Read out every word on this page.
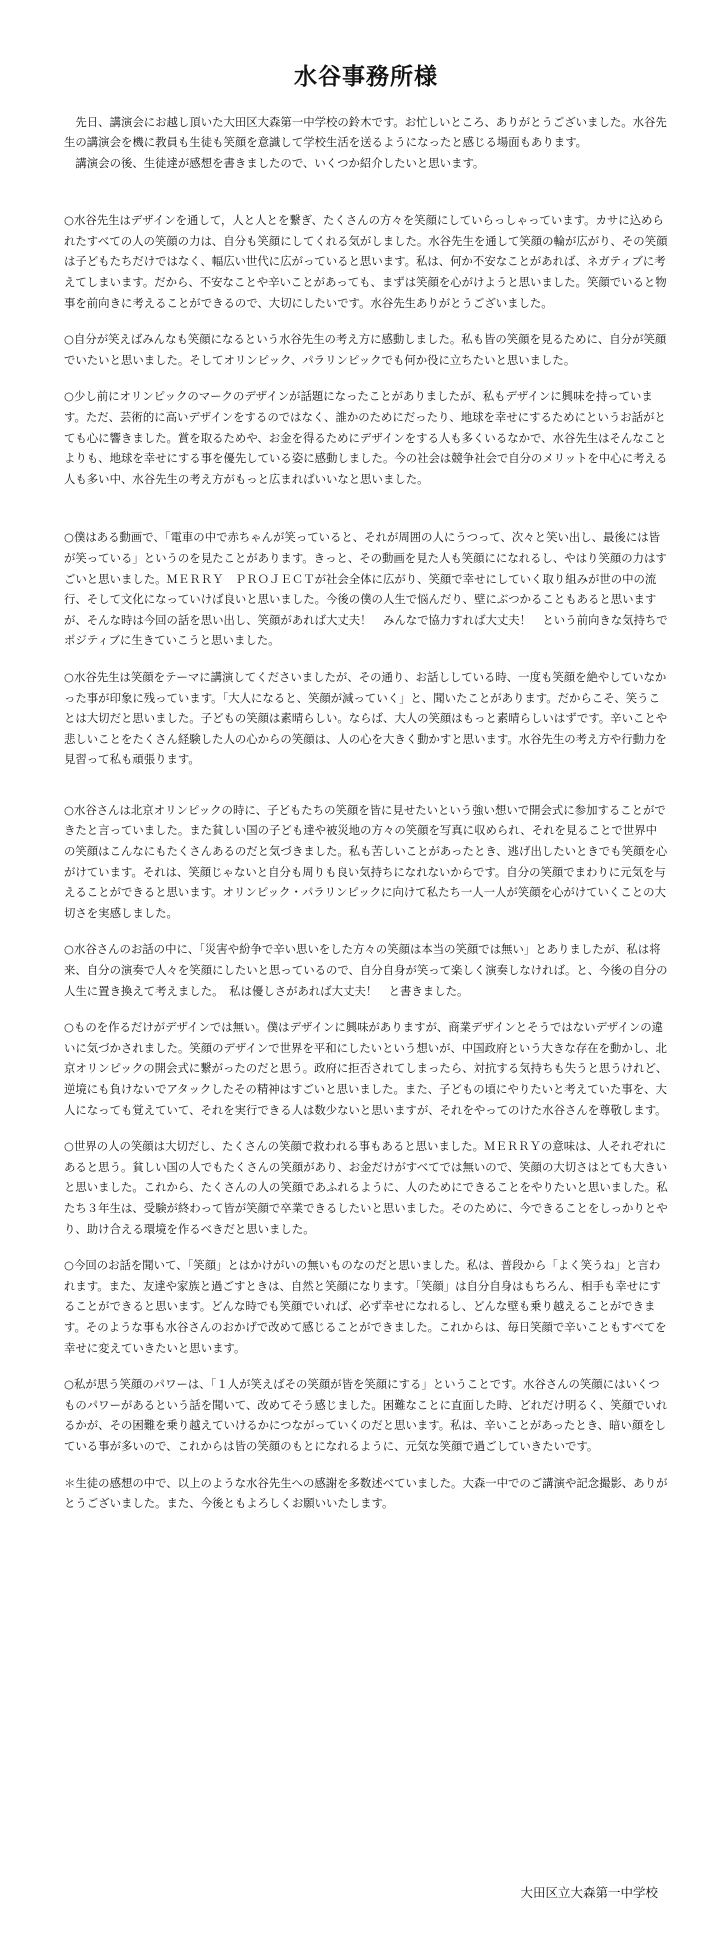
水谷事務所様

先日、講演会にお越し頂いた大田区大森第一中学校の鈴木です。お忙しいところ、ありがとうございました。水谷先生の講演会を機に教員も生徒も笑顔を意識して学校生活を送るようになったと感じる場面もあります。

講演会の後、生徒達が感想を書きましたので、いくつか紹介したいと思います。

○水谷先生はデザインを通して，人と人とを繋ぎ、たくさんの方々を笑顔にしていらっしゃっています。カサに込められたすべての人の笑顔の力は、自分も笑顔にしてくれる気がしました。水谷先生を通して笑顔の輪が広がり、その笑顔は子どもたちだけではなく、幅広い世代に広がっていると思います。私は、何か不安なことがあれば、ネガティブに考えてしまいます。だから、不安なことや辛いことがあっても、まずは笑顔を心がけようと思いました。笑顔でいると物事を前向きに考えることができるので、大切にしたいです。水谷先生ありがとうございました。

○自分が笑えばみんなも笑顔になるという水谷先生の考え方に感動しました。私も皆の笑顔を見るために、自分が笑顔でいたいと思いました。そしてオリンピック、パラリンピックでも何か役に立ちたいと思いました。

○少し前にオリンピックのマークのデザインが話題になったことがありましたが、私もデザインに興味を持っています。ただ、芸術的に高いデザインをするのではなく、誰かのためにだったり、地球を幸せにするためにというお話がとても心に響きました。賞を取るためや、お金を得るためにデザインをする人も多くいるなかで、水谷先生はそんなことよりも、地球を幸せにする事を優先している姿に感動しました。今の社会は競争社会で自分のメリットを中心に考える人も多い中、水谷先生の考え方がもっと広まればいいなと思いました。

○僕はある動画で、「電車の中で赤ちゃんが笑っていると、それが周囲の人にうつって、次々と笑い出し、最後には皆が笑っている」というのを見たことがあります。きっと、その動画を見た人も笑顔にになれるし、やはり笑顔の力はすごいと思いました。ＭＥＲＲＹ　ＰＲＯＪＥＣＴが社会全体に広がり、笑顔で幸せにしていく取り組みが世の中の流行、そして文化になっていけば良いと思いました。今後の僕の人生で悩んだり、壁にぶつかることもあると思いますが、そんな時は今回の話を思い出し、笑顔があれば大丈夫！　みんなで協力すれば大丈夫！　という前向きな気持ちでポジティブに生きていこうと思いました。

○水谷先生は笑顔をテーマに講演してくださいましたが、その通り、お話ししている時、一度も笑顔を絶やしていなかった事が印象に残っています。「大人になると、笑顔が減っていく」と、聞いたことがあります。だからこそ、笑うことは大切だと思いました。子どもの笑顔は素晴らしい。ならば、大人の笑顔はもっと素晴らしいはずです。辛いことや悲しいことをたくさん経験した人の心からの笑顔は、人の心を大きく動かすと思います。水谷先生の考え方や行動力を見習って私も頑張ります。

○水谷さんは北京オリンピックの時に、子どもたちの笑顔を皆に見せたいという強い想いで開会式に参加することができたと言っていました。また貧しい国の子ども達や被災地の方々の笑顔を写真に収められ、それを見ることで世界中の笑顔はこんなにもたくさんあるのだと気づきました。私も苦しいことがあったとき、逃げ出したいときでも笑顔を心がけています。それは、笑顔じゃないと自分も周りも良い気持ちになれないからです。自分の笑顔でまわりに元気を与えることができると思います。オリンピック・パラリンピックに向けて私たち一人一人が笑顔を心がけていくことの大切さを実感しました。

○水谷さんのお話の中に、「災害や紛争で辛い思いをした方々の笑顔は本当の笑顔では無い」とありましたが、私は将来、自分の演奏で人々を笑顔にしたいと思っているので、自分自身が笑って楽しく演奏しなければ。と、今後の自分の人生に置き換えて考えました。　私は優しさがあれば大丈夫！　と書きました。

○ものを作るだけがデザインでは無い。僕はデザインに興味がありますが、商業デザインとそうではないデザインの違いに気づかされました。笑顔のデザインで世界を平和にしたいという想いが、中国政府という大きな存在を動かし、北京オリンピックの開会式に繋がったのだと思う。政府に拒否されてしまったら、対抗する気持ちも失うと思うけれど、逆境にも負けないでアタックしたその精神はすごいと思いました。また、子どもの頃にやりたいと考えていた事を、大人になっても覚えていて、それを実行できる人は数少ないと思いますが、それをやってのけた水谷さんを尊敬します。

○世界の人の笑顔は大切だし、たくさんの笑顔で救われる事もあると思いました。ＭＥＲＲＹの意味は、人それぞれにあると思う。貧しい国の人でもたくさんの笑顔があり、お金だけがすべてでは無いので、笑顔の大切さはとても大きいと思いました。これから、たくさんの人の笑顔であふれるように、人のためにできることをやりたいと思いました。私たち３年生は、受験が終わって皆が笑顔で卒業できるしたいと思いました。そのために、今できることをしっかりとやり、助け合える環境を作るべきだと思いました。

○今回のお話を聞いて、「笑顔」とはかけがいの無いものなのだと思いました。私は、普段から「よく笑うね」と言われます。また、友達や家族と過ごすときは、自然と笑顔になります。「笑顔」は自分自身はもちろん、相手も幸せにすることができると思います。どんな時でも笑顔でいれば、必ず幸せになれるし、どんな壁も乗り越えることができます。そのような事も水谷さんのおかげで改めて感じることができました。これからは、毎日笑顔で辛いこともすべてを幸せに変えていきたいと思います。

○私が思う笑顔のパワーは、「１人が笑えばその笑顔が皆を笑顔にする」ということです。水谷さんの笑顔にはいくつものパワーがあるという話を聞いて、改めてそう感じました。困難なことに直面した時、どれだけ明るく、笑顔でいれるかが、その困難を乗り越えていけるかにつながっていくのだと思います。私は、辛いことがあったとき、暗い顔をしている事が多いので、これからは皆の笑顔のもとになれるように、元気な笑顔で過ごしていきたいです。

＊生徒の感想の中で、以上のような水谷先生への感謝を多数述べていました。大森一中でのご講演や記念撮影、ありがとうございました。また、今後ともよろしくお願いいたします。

大田区立大森第一中学校
